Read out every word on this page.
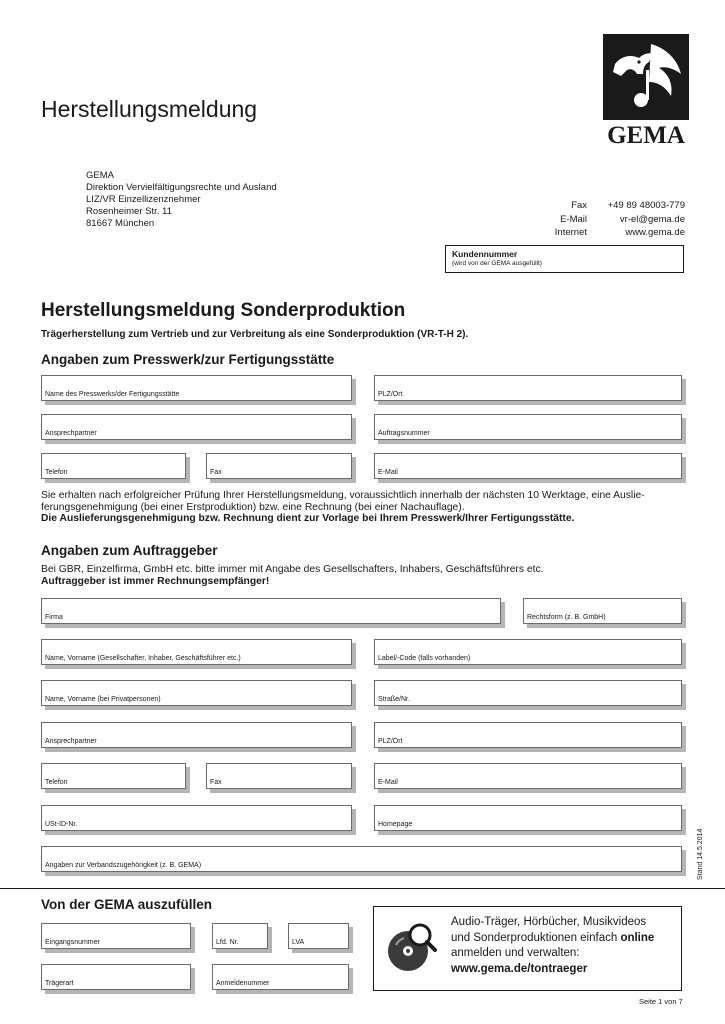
Herstellungsmeldung
GEMA
GEMA
Direktion Vervielfältigungsrechte und Ausland
LIZ/VR Einzellizenznehmer
Rosenheimer Str. 11
81667 München
Fax	+49 89 48003-779
E-Mail	vr-el@gema.de
Internet	www.gema.de
Kundennummer
(wird von der GEMA ausgefüllt)
Herstellungsmeldung Sonderproduktion
Trägerherstellung zum Vertrieb und zur Verbreitung als eine Sonderproduktion (VR-T-H 2).
Angaben zum Presswerk/zur Fertigungsstätte
Name des Presswerks/der Fertigungsstätte	PLZ/Ort
Ansprechpartner	Auftragsnummer
Telefon	Fax	E-Mail
Sie erhalten nach erfolgreicher Prüfung Ihrer Herstellungsmeldung, voraussichtlich innerhalb der nächsten 10 Werktage, eine Auslie-
ferungsgenehmigung (bei einer Erstproduktion) bzw. eine Rechnung (bei einer Nachauflage).
Die Auslieferungsgenehmigung bzw. Rechnung dient zur Vorlage bei Ihrem Presswerk/Ihrer Fertigungsstätte.
Angaben zum Auftraggeber
Bei GBR, Einzelfirma, GmbH etc. bitte immer mit Angabe des Gesellschafters, Inhabers, Geschäftsführers etc.
Auftraggeber ist immer Rechnungsempfänger!
Firma	Rechtsform (z. B. GmbH)
Name, Vorname (Gesellschafter, Inhaber, Geschäftsführer etc.)	Label/-Code (falls vorhanden)
Name, Vorname (bei Privatpersonen)	Straße/Nr.
Ansprechpartner	PLZ/Ort
Telefon	Fax	E-Mail
USt-ID-Nr.	Homepage
Angaben zur Verbandszugehörigkeit (z. B. GEMA)	Stand 14.5.2014
Von der GEMA auszufüllen
Eingangsnummer	Lfd. Nr.	LVA
Trägerart	Anmeldenummer
Audio-Träger, Hörbücher, Musikvideos
und Sonderproduktionen einfach online
anmelden und verwalten:
www.gema.de/tontraeger
Seite 1 von 7
